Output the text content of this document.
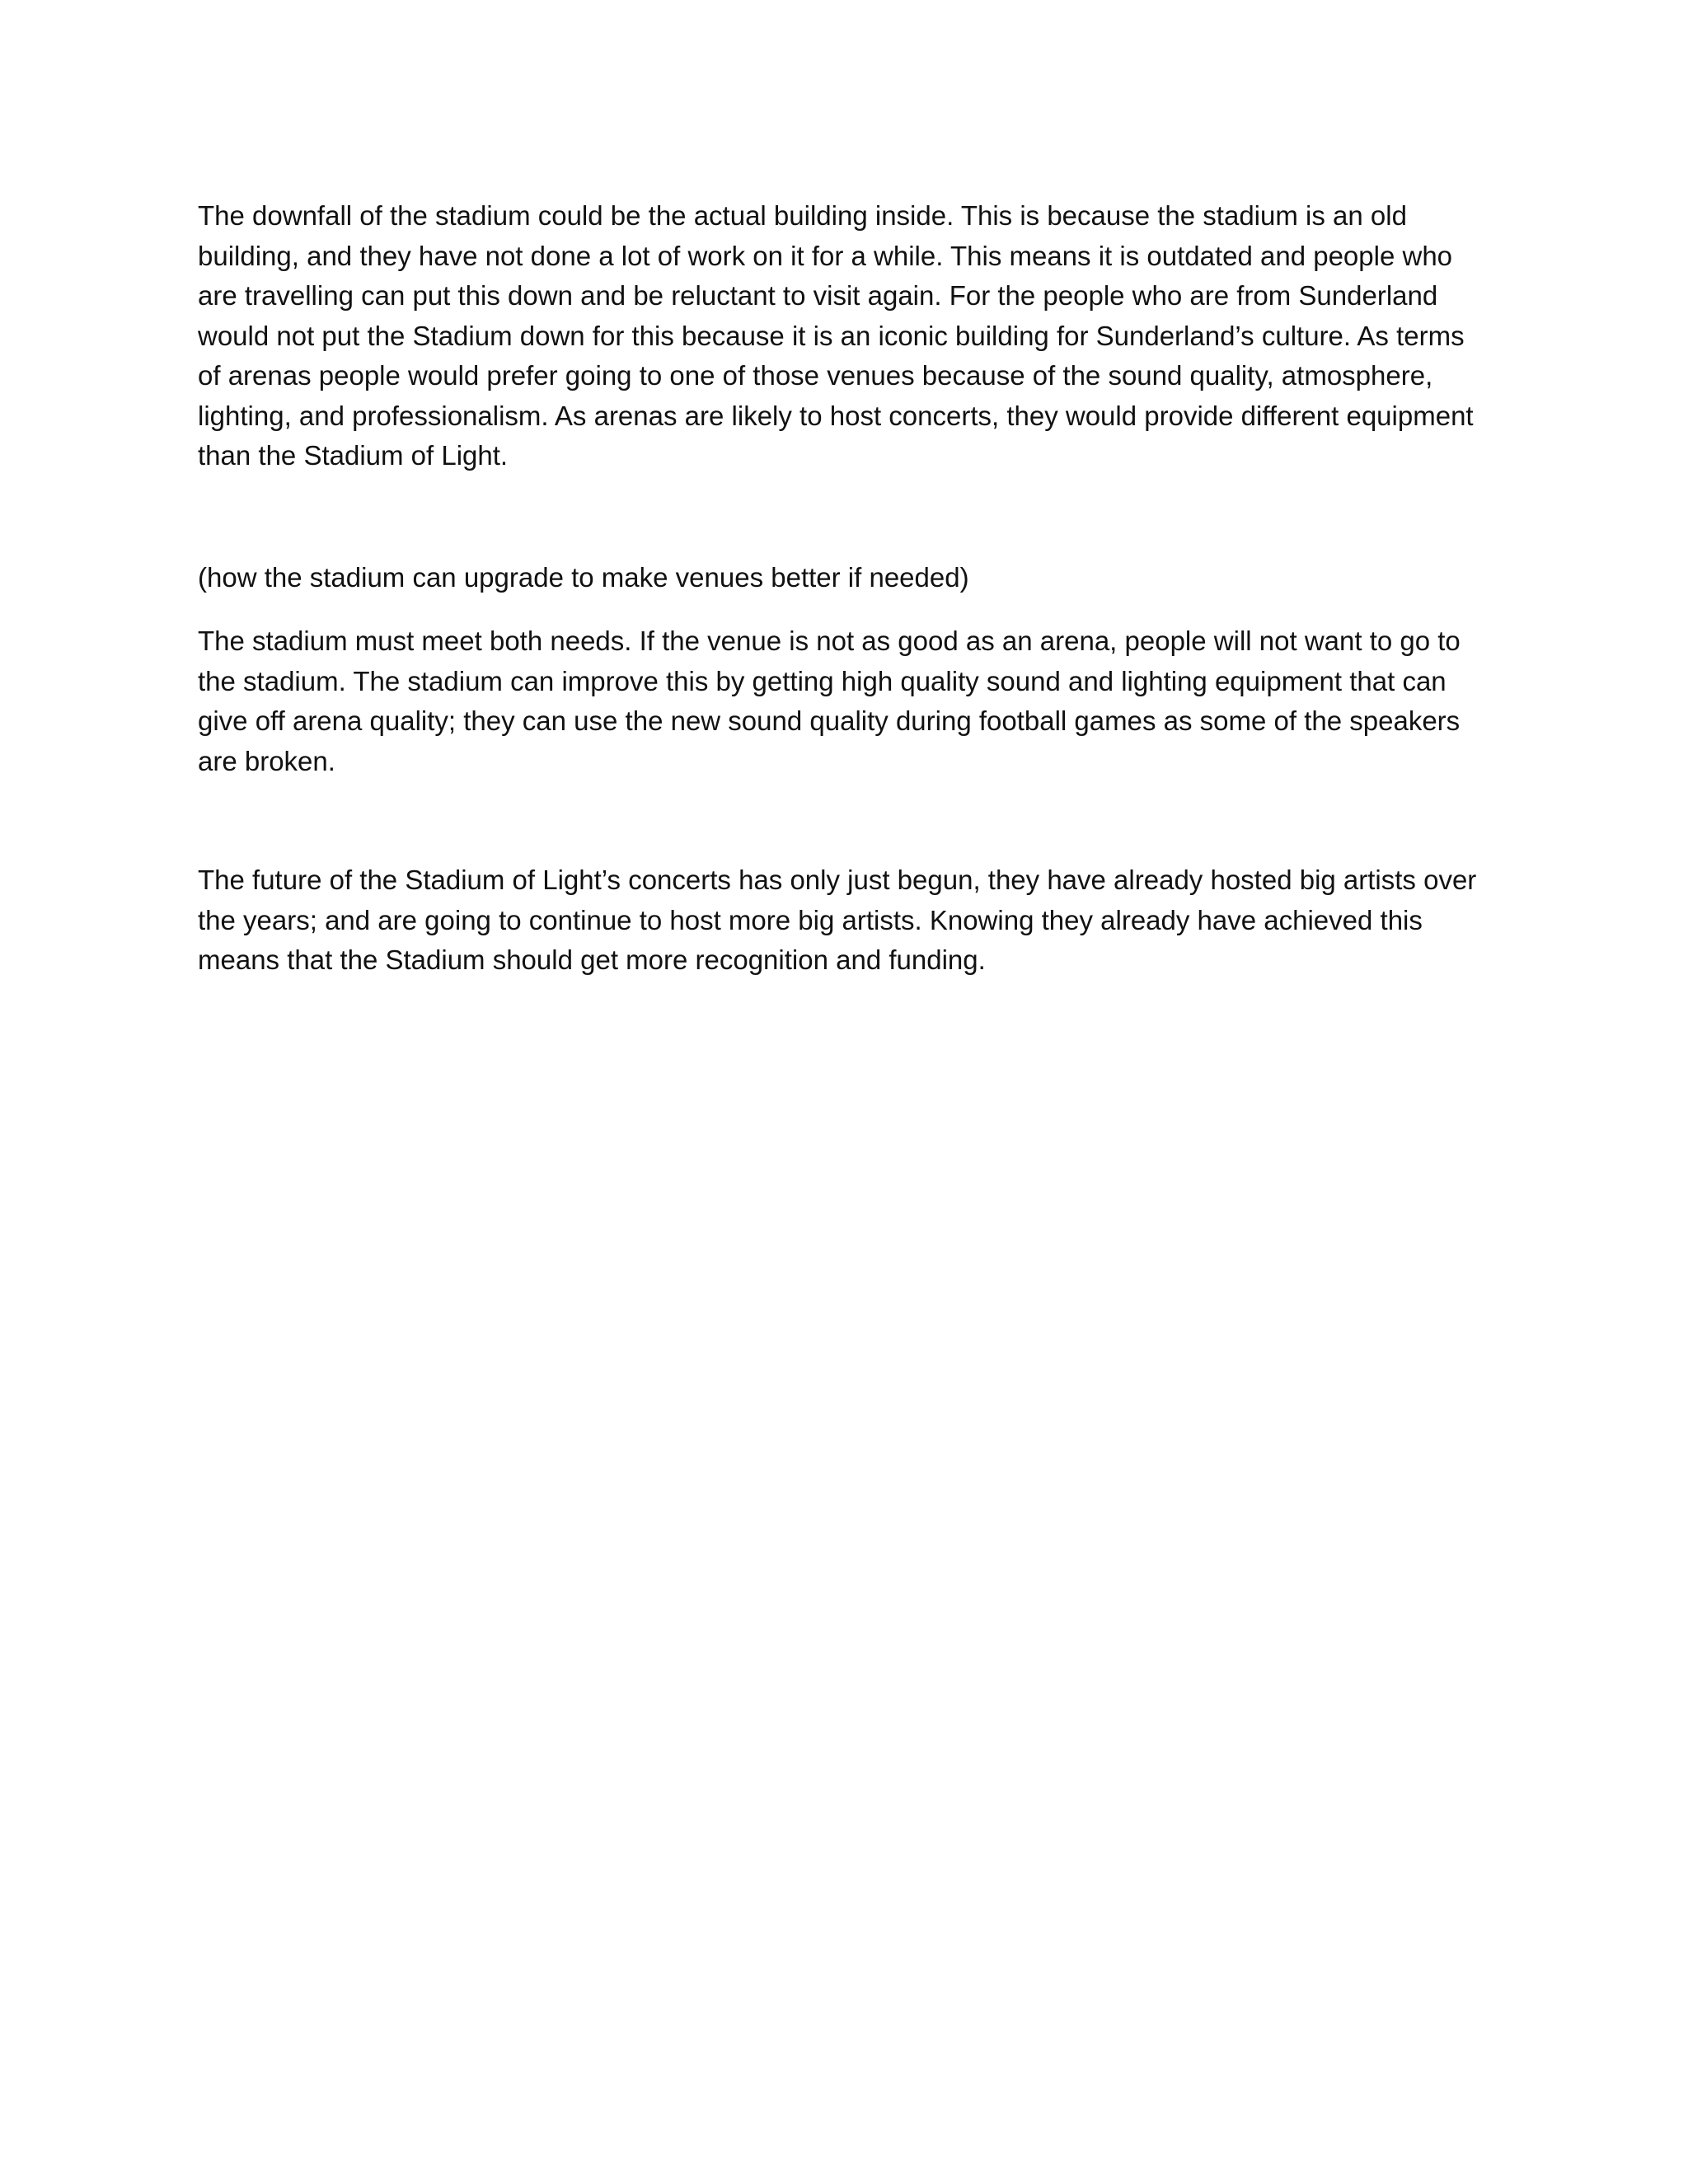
The downfall of the stadium could be the actual building inside. This is because the stadium is an old building, and they have not done a lot of work on it for a while. This means it is outdated and people who are travelling can put this down and be reluctant to visit again. For the people who are from Sunderland would not put the Stadium down for this because it is an iconic building for Sunderland’s culture. As terms of arenas people would prefer going to one of those venues because of the sound quality, atmosphere, lighting, and professionalism. As arenas are likely to host concerts, they would provide different equipment than the Stadium of Light.

(how the stadium can upgrade to make venues better if needed)

The stadium must meet both needs. If the venue is not as good as an arena, people will not want to go to the stadium. The stadium can improve this by getting high quality sound and lighting equipment that can give off arena quality; they can use the new sound quality during football games as some of the speakers are broken.

The future of the Stadium of Light’s concerts has only just begun, they have already hosted big artists over the years; and are going to continue to host more big artists. Knowing they already have achieved this means that the Stadium should get more recognition and funding.
